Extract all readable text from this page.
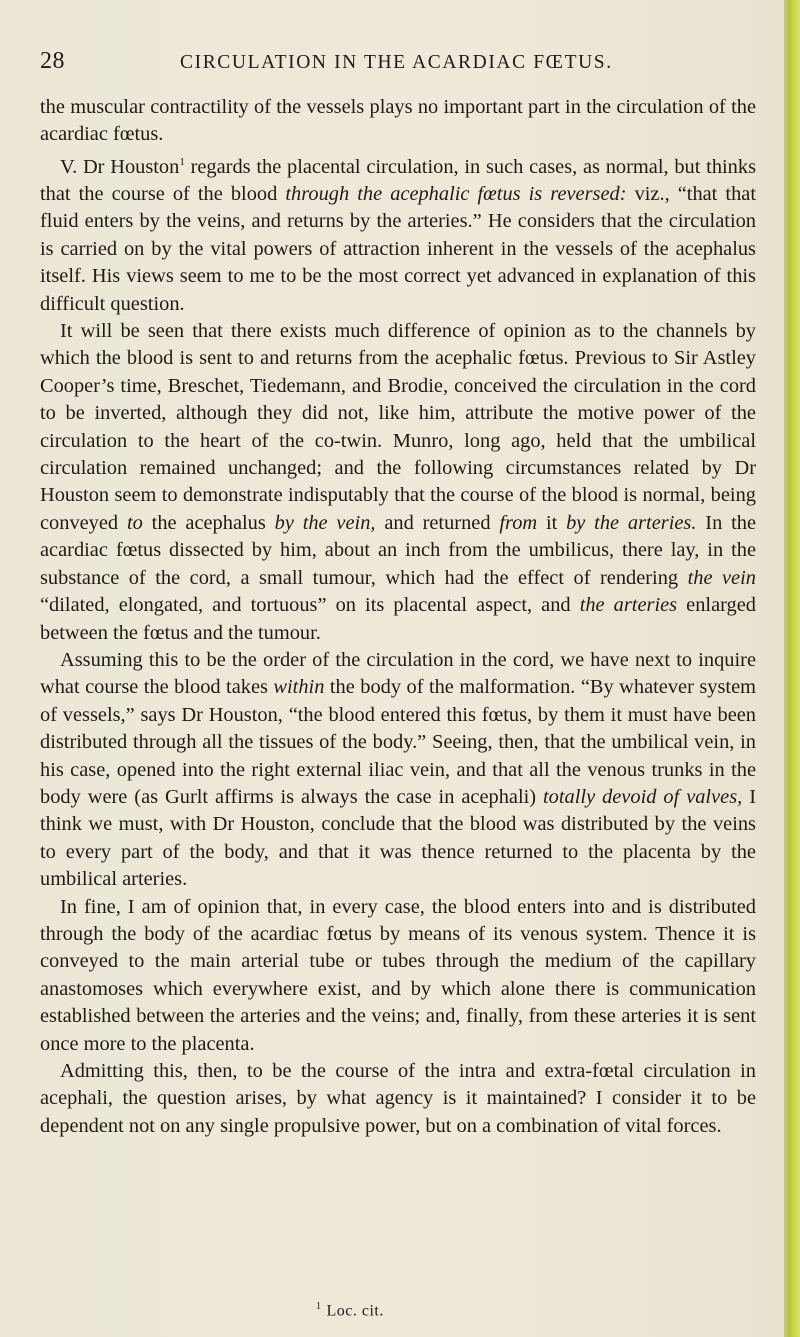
28	CIRCULATION IN THE ACARDIAC FŒTUS.

the muscular contractility of the vessels plays no important part in the circulation of the acardiac fœtus.

V. Dr Houston$^1$ regards the placental circulation, in such cases, as normal, but thinks that the course of the blood through the acephalic fœtus is reversed: viz., “that that fluid enters by the veins, and returns by the arteries.” He considers that the circulation is carried on by the vital powers of attraction inherent in the vessels of the acephalus itself. His views seem to me to be the most correct yet advanced in explanation of this difficult question.

It will be seen that there exists much difference of opinion as to the channels by which the blood is sent to and returns from the acephalic fœtus. Previous to Sir Astley Cooper’s time, Breschet, Tiedemann, and Brodie, conceived the circulation in the cord to be inverted, although they did not, like him, attribute the motive power of the circulation to the heart of the co-twin. Munro, long ago, held that the umbilical circulation remained unchanged; and the following circumstances related by Dr Houston seem to demonstrate indisputably that the course of the blood is normal, being conveyed to the acephalus by the vein, and returned from it by the arteries. In the acardiac fœtus dissected by him, about an inch from the umbilicus, there lay, in the substance of the cord, a small tumour, which had the effect of rendering the vein “dilated, elongated, and tortuous” on its placental aspect, and the arteries enlarged between the fœtus and the tumour.

Assuming this to be the order of the circulation in the cord, we have next to inquire what course the blood takes within the body of the malformation. “By whatever system of vessels,” says Dr Houston, “the blood entered this fœtus, by them it must have been distributed through all the tissues of the body.” Seeing, then, that the umbilical vein, in his case, opened into the right external iliac vein, and that all the venous trunks in the body were (as Gurlt affirms is always the case in acephali) totally devoid of valves, I think we must, with Dr Houston, conclude that the blood was distributed by the veins to every part of the body, and that it was thence returned to the placenta by the umbilical arteries.

In fine, I am of opinion that, in every case, the blood enters into and is distributed through the body of the acardiac fœtus by means of its venous system. Thence it is conveyed to the main arterial tube or tubes through the medium of the capillary anastomoses which everywhere exist, and by which alone there is communication established between the arteries and the veins; and, finally, from these arteries it is sent once more to the placenta.

Admitting this, then, to be the course of the intra and extra-fœtal circulation in acephali, the question arises, by what agency is it maintained? I consider it to be dependent not on any single propulsive power, but on a combination of vital forces.

$^1$ Loc. cit.
